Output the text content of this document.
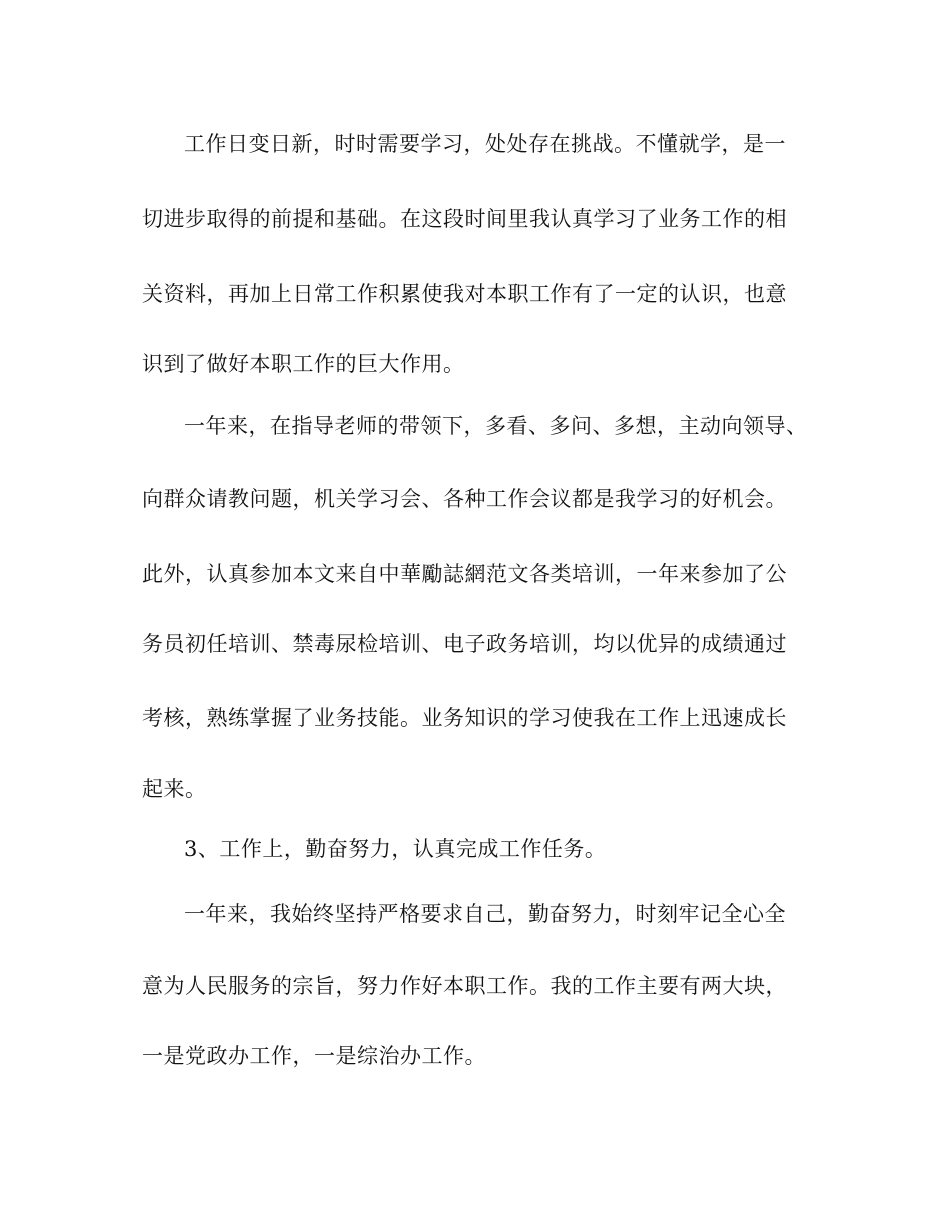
工作日变日新，时时需要学习，处处存在挑战。不懂就学，是一
切进步取得的前提和基础。在这段时间里我认真学习了业务工作的相
关资料，再加上日常工作积累使我对本职工作有了一定的认识，也意
识到了做好本职工作的巨大作用。
一年来，在指导老师的带领下，多看、多问、多想，主动向领导、
向群众请教问题，机关学习会、各种工作会议都是我学习的好机会。
此外，认真参加本文来自中華勵誌網范文各类培训，一年来参加了公
务员初任培训、禁毒尿检培训、电子政务培训，均以优异的成绩通过
考核，熟练掌握了业务技能。业务知识的学习使我在工作上迅速成长
起来。
3、工作上，勤奋努力，认真完成工作任务。
一年来，我始终坚持严格要求自己，勤奋努力，时刻牢记全心全
意为人民服务的宗旨，努力作好本职工作。我的工作主要有两大块，
一是党政办工作，一是综治办工作。
